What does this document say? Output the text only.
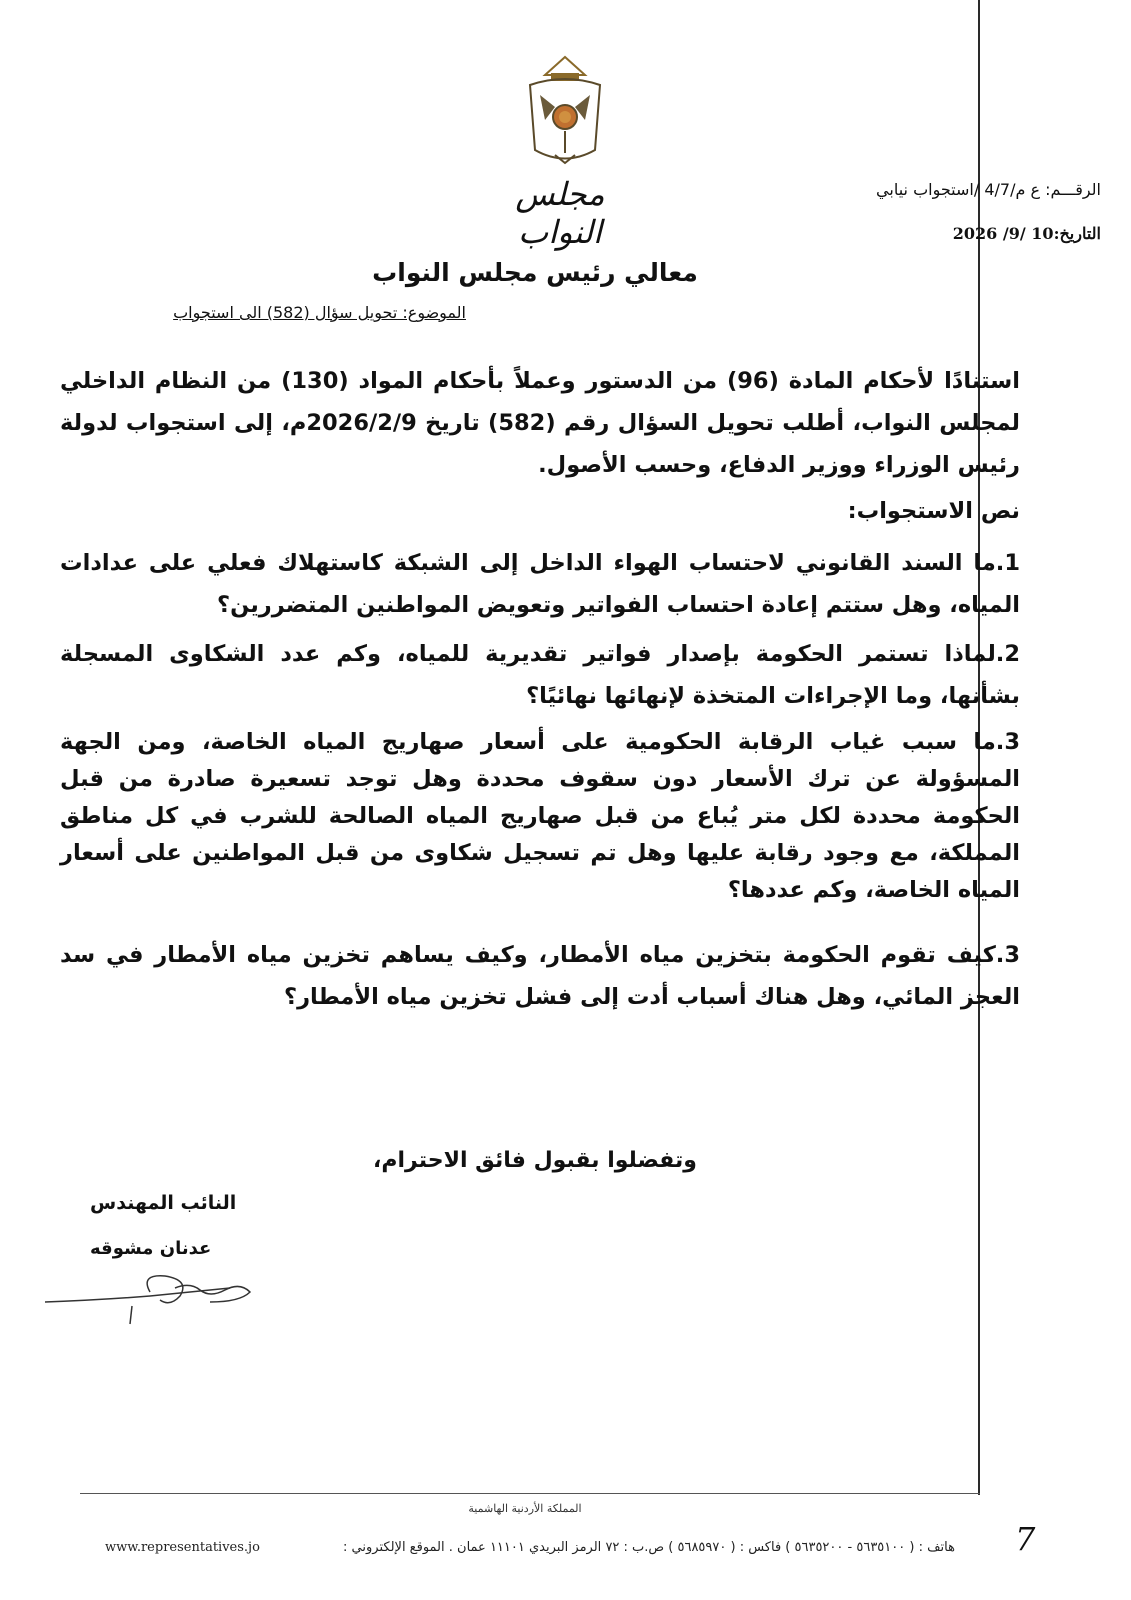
مجلس النواب
الرقـــم: ع م/4/7 /استجواب نيابي
التاريخ:10 /9/ 2026
معالي رئيس مجلس النواب
الموضوع: تحويل سؤال (582) الى استجواب

استنادًا لأحكام المادة (96) من الدستور وعملاً بأحكام المواد (130) من النظام الداخلي لمجلس النواب، أطلب تحويل السؤال رقم (582) تاريخ 2026/2/9م، إلى استجواب لدولة رئيس الوزراء ووزير الدفاع، وحسب الأصول.

نص الاستجواب:

1.ما السند القانوني لاحتساب الهواء الداخل إلى الشبكة كاستهلاك فعلي على عدادات المياه، وهل ستتم إعادة احتساب الفواتير وتعويض المواطنين المتضررين؟

2.لماذا تستمر الحكومة بإصدار فواتير تقديرية للمياه، وكم عدد الشكاوى المسجلة بشأنها، وما الإجراءات المتخذة لإنهائها نهائيًا؟

3.ما سبب غياب الرقابة الحكومية على أسعار صهاريج المياه الخاصة، ومن الجهة المسؤولة عن ترك الأسعار دون سقوف محددة وهل توجد تسعيرة صادرة من قبل الحكومة محددة لكل متر يُباع من قبل صهاريج المياه الصالحة للشرب في كل مناطق المملكة، مع وجود رقابة عليها وهل تم تسجيل شكاوى من قبل المواطنين على أسعار المياه الخاصة، وكم عددها؟

3.كيف تقوم الحكومة بتخزين مياه الأمطار، وكيف يساهم تخزين مياه الأمطار في سد العجز المائي، وهل هناك أسباب أدت إلى فشل تخزين مياه الأمطار؟

وتفضلوا بقبول فائق الاحترام،
النائب المهندس
عدنان مشوقه
المملكة الأردنية الهاشمية
هاتف : ( ٥٦٣٥١٠٠ - ٥٦٣٥٢٠٠ ) فاكس : ( ٥٦٨٥٩٧٠ ) ص.ب : ٧٢ الرمز البريدي ١١١٠١ عمان . الموقع الإلكتروني :
www.representatives.jo	7
